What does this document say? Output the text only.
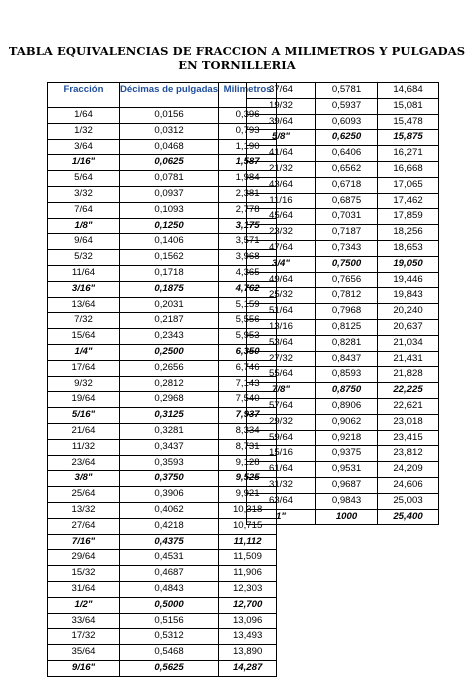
TABLA EQUIVALENCIAS DE FRACCION A MILIMETROS Y PULGADAS
EN TORNILLERIA
Fracción	Décimas de pulgadas	Milimetros
1/64	0,0156	0,396
1/32	0,0312	0,793
3/64	0,0468	1,190
1/16"	0,0625	1,587
5/64	0,0781	1,984
3/32	0,0937	2,381
7/64	0,1093	2,778
1/8"	0,1250	3,175
9/64	0,1406	3,571
5/32	0,1562	3,968
11/64	0,1718	4,365
3/16"	0,1875	4,762
13/64	0,2031	5,159
7/32	0,2187	5,556
15/64	0,2343	5,953
1/4"	0,2500	6,350
17/64	0,2656	6,746
9/32	0,2812	7,143
19/64	0,2968	7,540
5/16"	0,3125	7,937
21/64	0,3281	8,334
11/32	0,3437	8,731
23/64	0,3593	9,128
3/8"	0,3750	9,525
25/64	0,3906	9,921
13/32	0,4062	10,318
27/64	0,4218	10,715
7/16"	0,4375	11,112
29/64	0,4531	11,509
15/32	0,4687	11,906
31/64	0,4843	12,303
1/2"	0,5000	12,700
33/64	0,5156	13,096
17/32	0,5312	13,493
35/64	0,5468	13,890
9/16"	0,5625	14,287
37/64	0,5781	14,684
19/32	0,5937	15,081
39/64	0,6093	15,478
5/8"	0,6250	15,875
41/64	0,6406	16,271
21/32	0,6562	16,668
43/64	0,6718	17,065
11/16	0,6875	17,462
45/64	0,7031	17,859
23/32	0,7187	18,256
47/64	0,7343	18,653
3/4"	0,7500	19,050
49/64	0,7656	19,446
25/32	0,7812	19,843
51/64	0,7968	20,240
13/16	0,8125	20,637
53/64	0,8281	21,034
27/32	0,8437	21,431
55/64	0,8593	21,828
7/8"	0,8750	22,225
57/64	0,8906	22,621
29/32	0,9062	23,018
59/64	0,9218	23,415
15/16	0,9375	23,812
61/64	0,9531	24,209
31/32	0,9687	24,606
63/64	0,9843	25,003
1"	1000	25,400
